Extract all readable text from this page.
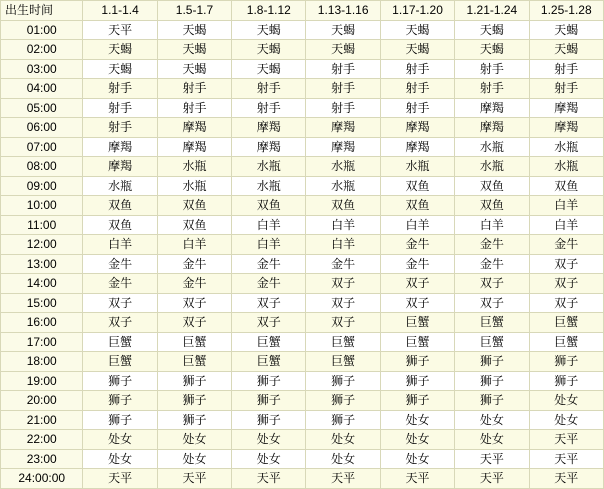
出生时间	1.1-1.4	1.5-1.7	1.8-1.12	1.13-1.16	1.17-1.20	1.21-1.24	1.25-1.28
01:00	天平	天蝎	天蝎	天蝎	天蝎	天蝎	天蝎
02:00	天蝎	天蝎	天蝎	天蝎	天蝎	天蝎	天蝎
03:00	天蝎	天蝎	天蝎	射手	射手	射手	射手
04:00	射手	射手	射手	射手	射手	射手	射手
05:00	射手	射手	射手	射手	射手	摩羯	摩羯
06:00	射手	摩羯	摩羯	摩羯	摩羯	摩羯	摩羯
07:00	摩羯	摩羯	摩羯	摩羯	摩羯	水瓶	水瓶
08:00	摩羯	水瓶	水瓶	水瓶	水瓶	水瓶	水瓶
09:00	水瓶	水瓶	水瓶	水瓶	双鱼	双鱼	双鱼
10:00	双鱼	双鱼	双鱼	双鱼	双鱼	双鱼	白羊
11:00	双鱼	双鱼	白羊	白羊	白羊	白羊	白羊
12:00	白羊	白羊	白羊	白羊	金牛	金牛	金牛
13:00	金牛	金牛	金牛	金牛	金牛	金牛	双子
14:00	金牛	金牛	金牛	双子	双子	双子	双子
15:00	双子	双子	双子	双子	双子	双子	双子
16:00	双子	双子	双子	双子	巨蟹	巨蟹	巨蟹
17:00	巨蟹	巨蟹	巨蟹	巨蟹	巨蟹	巨蟹	巨蟹
18:00	巨蟹	巨蟹	巨蟹	巨蟹	狮子	狮子	狮子
19:00	狮子	狮子	狮子	狮子	狮子	狮子	狮子
20:00	狮子	狮子	狮子	狮子	狮子	狮子	处女
21:00	狮子	狮子	狮子	狮子	处女	处女	处女
22:00	处女	处女	处女	处女	处女	处女	天平
23:00	处女	处女	处女	处女	处女	天平	天平
24:00:00	天平	天平	天平	天平	天平	天平	天平
